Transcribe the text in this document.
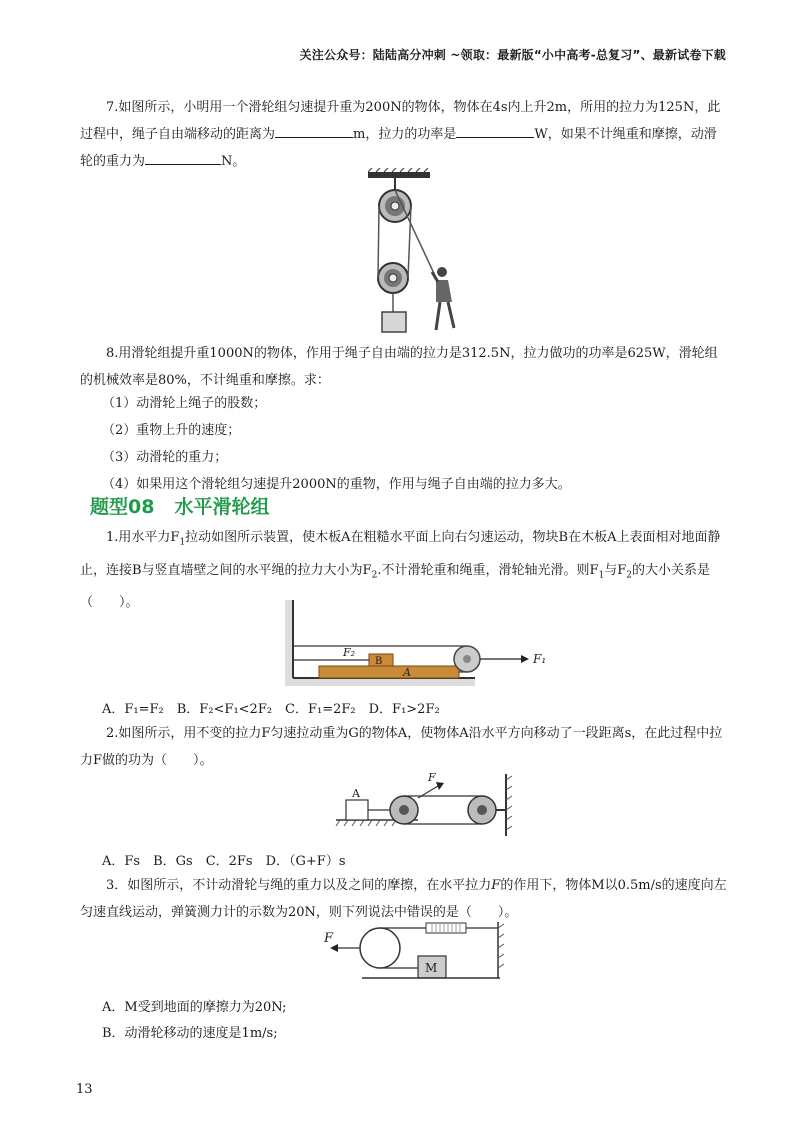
关注公众号：陆陆高分冲刺 ~领取：最新版“小中高考-总复习”、最新试卷下载

7.如图所示，小明用一个滑轮组匀速提升重为200N的物体，物体在4s内上升2m，所用的拉力为125N，此过程中，绳子自由端移动的距离为	m，拉力的功率是	W，如果不计绳重和摩擦，动滑轮的重力为	N。

8.用滑轮组提升重1000N的物体，作用于绳子自由端的拉力是312.5N，拉力做功的功率是625W，滑轮组的机械效率是80%，不计绳重和摩擦。求：

（1）动滑轮上绳子的股数；
（2）重物上升的速度；
（3）动滑轮的重力；
（4）如果用这个滑轮组匀速提升2000N的重物，作用与绳子自由端的拉力多大。
题型08 水平滑轮组

1.用水平力$F_1$拉动如图所示装置，使木板A在粗糙水平面上向右匀速运动，物块B在木板A上表面相对地面静止，连接B与竖直墙壁之间的水平绳的拉力大小为$F_2$.不计滑轮重和绳重，滑轮轴光滑。则$F_1$与$F_2$的大小关系是（　　）。

A
B
F₂	F₁
A．F₁=F₂　B．F₂<F₁<2F₂　C．F₁=2F₂　D．F₁>2F₂

2.如图所示，用不变的拉力F匀速拉动重为G的物体A，使物体A沿水平方向移动了一段距离s，在此过程中拉力F做的功为（　　）。

A
F
A．Fs　B．Gs　C．2Fs　D．（G+F）s

3．如图所示，不计动滑轮与绳的重力以及之间的摩擦，在水平拉力F的作用下，物体M以0.5m/s的速度向左匀速直线运动，弹簧测力计的示数为20N，则下列说法中错误的是（　　）。

F
M
A．M受到地面的摩擦力为20N;
B．动滑轮移动的速度是1m/s;
13
